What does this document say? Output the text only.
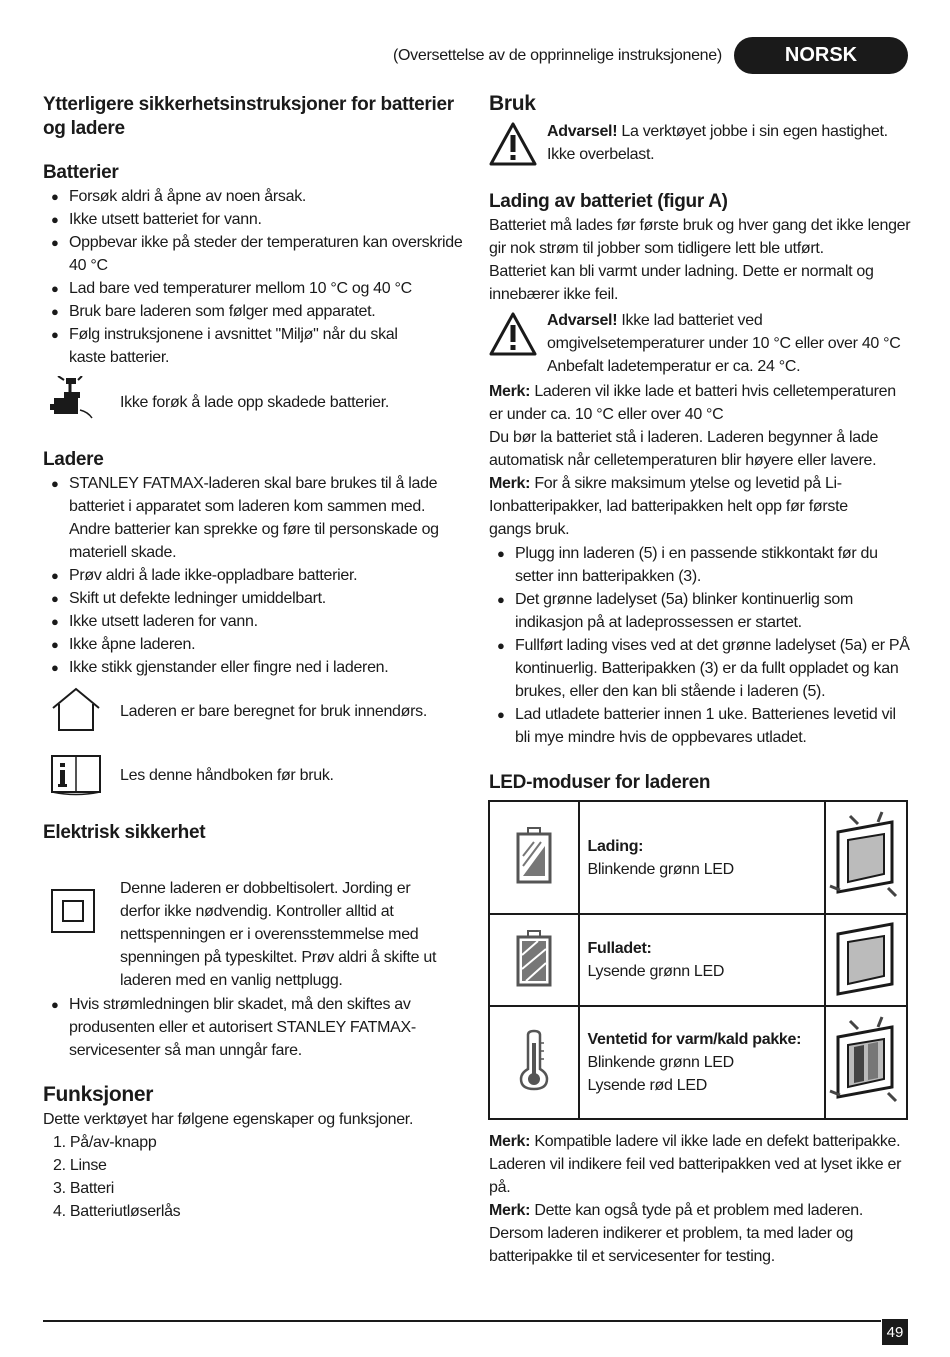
(Oversettelse av de opprinnelige instruksjonene)	NORSK
Ytterligere sikkerhetsinstruksjoner for batterier og ladere
Batterier
● Forsøk aldri å åpne av noen årsak.
● Ikke utsett batteriet for vann.
● Oppbevar ikke på steder der temperaturen kan overskride 40 °C
● Lad bare ved temperaturer mellom 10 °C og 40 °C
● Bruk bare laderen som følger med apparatet.
● Følg instruksjonene i avsnittet "Miljø" når du skal kaste batterier.
Ikke forøk å lade opp skadede batterier.
Ladere
● STANLEY FATMAX-laderen skal bare brukes til å lade batteriet i apparatet som laderen kom sammen med. Andre batterier kan sprekke og føre til personskade og materiell skade.
● Prøv aldri å lade ikke-oppladbare batterier.
● Skift ut defekte ledninger umiddelbart.
● Ikke utsett laderen for vann.
● Ikke åpne laderen.
● Ikke stikk gjenstander eller fingre ned i laderen.
Laderen er bare beregnet for bruk innendørs.
Les denne håndboken før bruk.
Elektrisk sikkerhet
Denne laderen er dobbeltisolert. Jording er derfor ikke nødvendig. Kontroller alltid at nettspenningen er i overensstemmelse med spenningen på typeskiltet. Prøv aldri å skifte ut laderen med en vanlig nettplugg.
● Hvis strømledningen blir skadet, må den skiftes av produsenten eller et autorisert STANLEY FATMAX-servicesenter så man unngår fare.
Funksjoner
Dette verktøyet har følgene egenskaper og funksjoner.
1. På/av-knapp
2. Linse
3. Batteri
4. Batteriutløserlås
Bruk
Advarsel! La verktøyet jobbe i sin egen hastighet. Ikke overbelast.
Lading av batteriet (figur A)
Batteriet må lades før første bruk og hver gang det ikke lenger gir nok strøm til jobber som tidligere lett ble utført.
Batteriet kan bli varmt under ladning. Dette er normalt og innebærer ikke feil.
Advarsel! Ikke lad batteriet ved omgivelsetemperaturer under 10 °C eller over 40 °C Anbefalt ladetemperatur er ca. 24 °C.
Merk: Laderen vil ikke lade et batteri hvis celletemperaturen er under ca. 10 °C eller over 40 °C
Du bør la batteriet stå i laderen. Laderen begynner å lade automatisk når celletemperaturen blir høyere eller lavere.
Merk: For å sikre maksimum ytelse og levetid på Li-Ionbatteripakker, lad batteripakken helt opp før første gangs bruk.
● Plugg inn laderen (5) i en passende stikkontakt før du setter inn batteripakken (3).
● Det grønne ladelyset (5a) blinker kontinuerlig som indikasjon på at ladeprossessen er startet.
● Fullført lading vises ved at det grønne ladelyset (5a) er PÅ kontinuerlig. Batteripakken (3) er da fullt oppladet og kan brukes, eller den kan bli stående i laderen (5).
● Lad utladete batterier innen 1 uke. Batterienes levetid vil bli mye mindre hvis de oppbevares utladet.
LED-moduser for laderen

Lading:
Blinkende grønn LED	

Fulladet:
Lysende grønn LED	

Ventetid for varm/kald pakke:
Blinkende grønn LED
Lysende rød LED

Merk: Kompatible ladere vil ikke lade en defekt batteripakke. Laderen vil indikere feil ved batteripakken ved at lyset ikke er på.
Merk: Dette kan også tyde på et problem med laderen. Dersom laderen indikerer et problem, ta med lader og batteripakke til et servicesenter for testing.
49
